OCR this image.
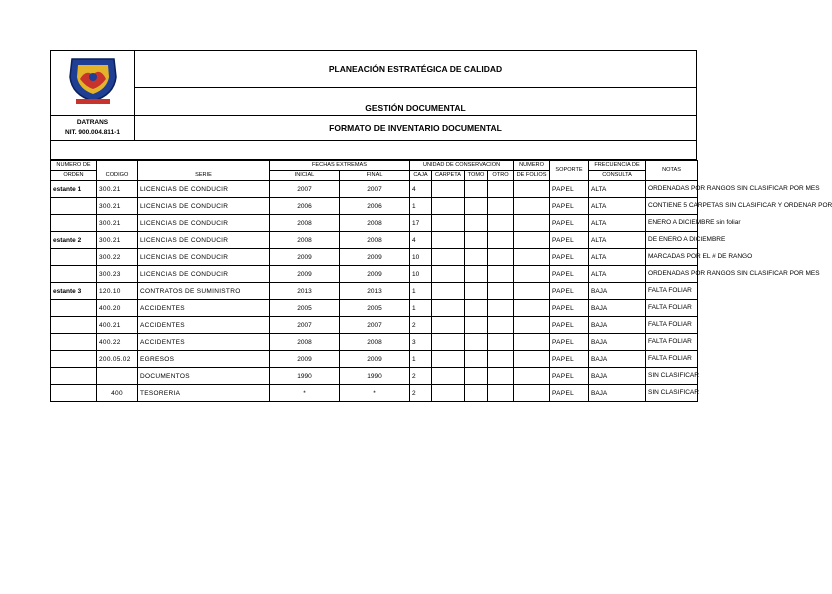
	PLANEACIÓN ESTRATÉGICA DE CALIDAD
	GESTIÓN DOCUMENTAL

DATRANS
NIT. 900.004.811-1	FORMATO DE INVENTARIO DOCUMENTAL

NUMERO DE	CODIGO	SERIE	FECHAS EXTREMAS		UNIDAD DE CONSERVACION				NUMERO	SOPORTE	FRECUENCIA DE	NOTAS
ORDEN			INICIAL	FINAL	CAJA	CARPETA	TOMO	OTRO	DE FOLIOS		CONSULTA	
estante 1	300.21	LICENCIAS DE CONDUCIR	2007	2007	4					PAPEL	ALTA	ORDENADAS POR RANGOS SIN CLASIFICAR POR MES
	300.21	LICENCIAS DE CONDUCIR	2006	2006	1					PAPEL	ALTA	CONTIENE 5 CARPETAS SIN CLASIFICAR Y ORDENAR POR
	300.21	LICENCIAS DE CONDUCIR	2008	2008	17					PAPEL	ALTA	ENERO A DICIEMBRE sin foliar
estante 2	300.21	LICENCIAS DE CONDUCIR	2008	2008	4					PAPEL	ALTA	DE ENERO A DICIEMBRE
	300.22	LICENCIAS DE CONDUCIR	2009	2009	10					PAPEL	ALTA	MARCADAS POR EL # DE RANGO
	300.23	LICENCIAS DE CONDUCIR	2009	2009	10					PAPEL	ALTA	ORDENADAS POR RANGOS SIN CLASIFICAR POR MES
estante 3	120.10	CONTRATOS DE SUMINISTRO	2013	2013	1					PAPEL	BAJA	FALTA FOLIAR
	400.20	ACCIDENTES	2005	2005	1					PAPEL	BAJA	FALTA FOLIAR
	400.21	ACCIDENTES	2007	2007	2					PAPEL	BAJA	FALTA FOLIAR
	400.22	ACCIDENTES	2008	2008	3					PAPEL	BAJA	FALTA FOLIAR
	200.05.02	EGRESOS	2009	2009	1					PAPEL	BAJA	FALTA FOLIAR
		DOCUMENTOS	1990	1990	2					PAPEL	BAJA	SIN CLASIFICAR
	400	TESORERIA	*	*	2					PAPEL	BAJA	SIN CLASIFICAR
